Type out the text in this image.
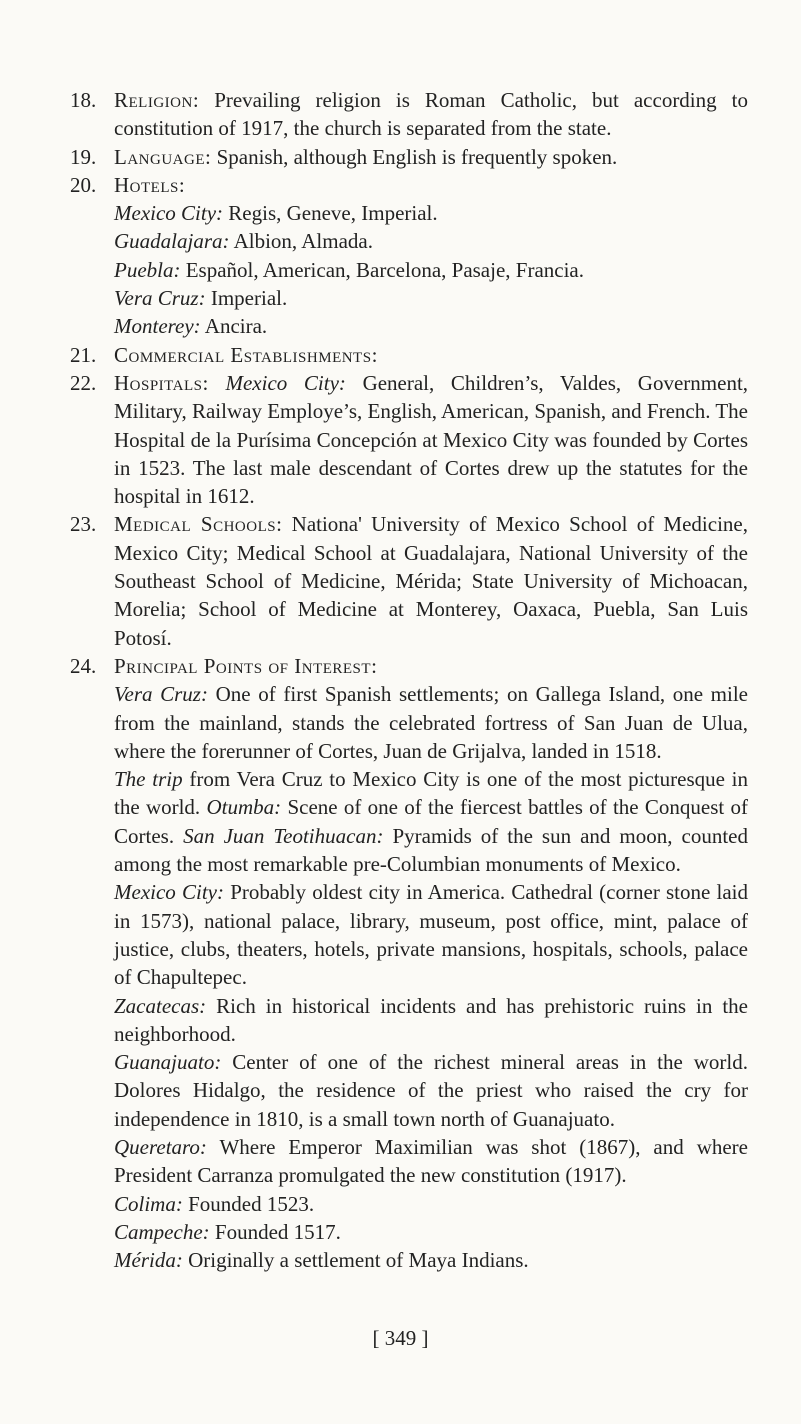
18. Religion: Prevailing religion is Roman Catholic, but according to constitution of 1917, the church is separated from the state.
19. Language: Spanish, although English is frequently spoken.
20. Hotels:
Mexico City: Regis, Geneve, Imperial.
Guadalajara: Albion, Almada.
Puebla: Español, American, Barcelona, Pasaje, Francia.
Vera Cruz: Imperial.
Monterey: Ancira.
21. Commercial Establishments:
22. Hospitals: Mexico City: General, Children’s, Valdes, Government, Military, Railway Employe’s, English, American, Spanish, and French. The Hospital de la Purísima Concepción at Mexico City was founded by Cortes in 1523. The last male descendant of Cortes drew up the statutes for the hospital in 1612.
23. Medical Schools: Nationa' University of Mexico School of Medicine, Mexico City; Medical School at Guadalajara, National University of the Southeast School of Medicine, Mérida; State University of Michoacan, Morelia; School of Medicine at Monterey, Oaxaca, Puebla, San Luis Potosí.
24. Principal Points of Interest:
Vera Cruz: One of first Spanish settlements; on Gallega Island, one mile from the mainland, stands the celebrated fortress of San Juan de Ulua, where the forerunner of Cortes, Juan de Grijalva, landed in 1518.
The trip from Vera Cruz to Mexico City is one of the most picturesque in the world. Otumba: Scene of one of the fiercest battles of the Conquest of Cortes. San Juan Teotihuacan: Pyramids of the sun and moon, counted among the most remarkable pre-Columbian monuments of Mexico.
Mexico City: Probably oldest city in America. Cathedral (corner stone laid in 1573), national palace, library, museum, post office, mint, palace of justice, clubs, theaters, hotels, private mansions, hospitals, schools, palace of Chapultepec.
Zacatecas: Rich in historical incidents and has prehistoric ruins in the neighborhood.
Guanajuato: Center of one of the richest mineral areas in the world. Dolores Hidalgo, the residence of the priest who raised the cry for independence in 1810, is a small town north of Guanajuato.
Queretaro: Where Emperor Maximilian was shot (1867), and where President Carranza promulgated the new constitution (1917).
Colima: Founded 1523.
Campeche: Founded 1517.
Mérida: Originally a settlement of Maya Indians.
[ 349 ]
